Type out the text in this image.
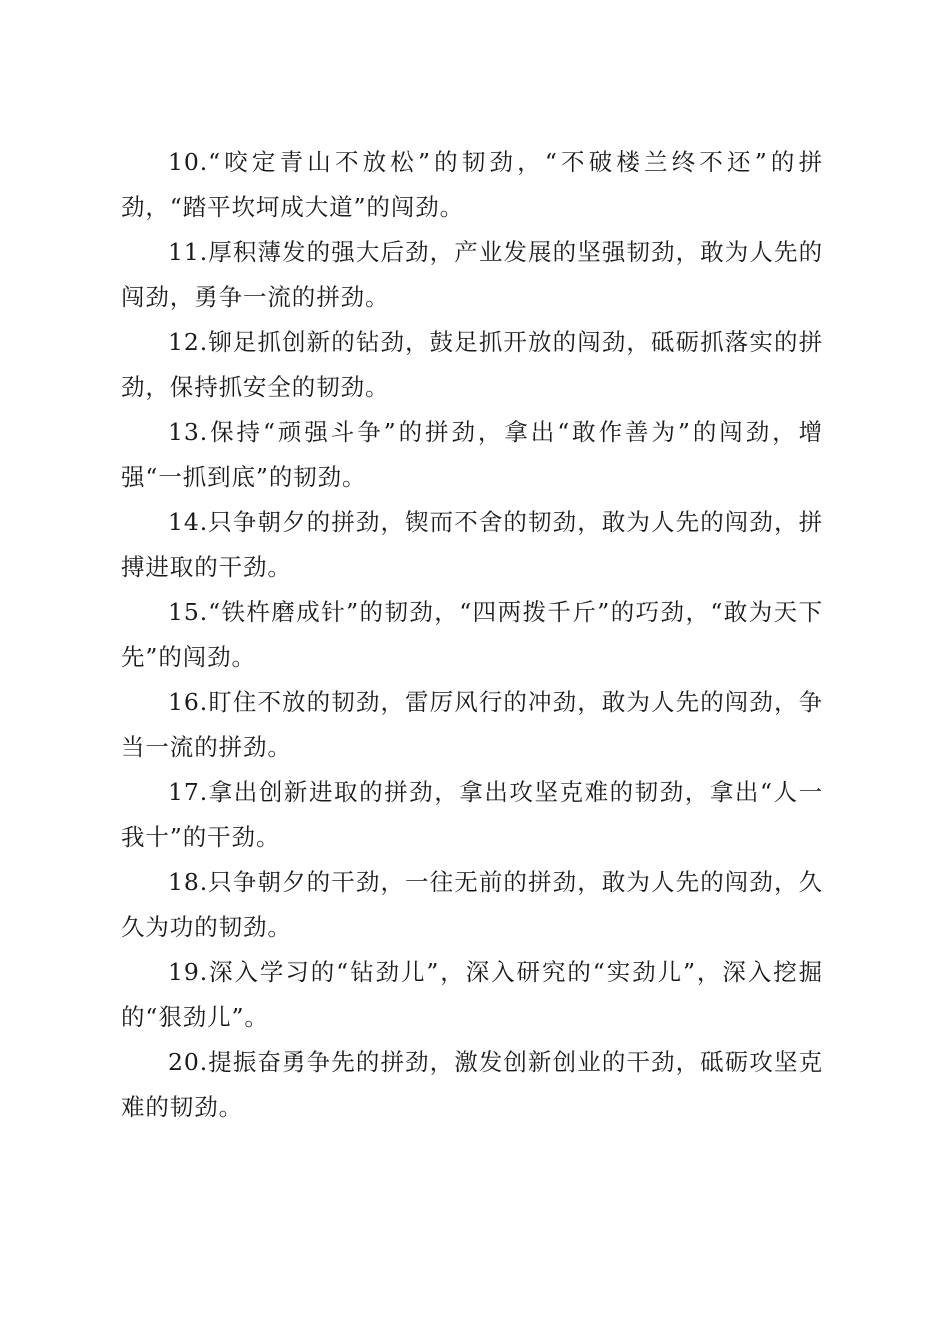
10.“咬定青山不放松”的韧劲，“不破楼兰终不还”的拼劲，“踏平坎坷成大道”的闯劲。

11.厚积薄发的强大后劲，产业发展的坚强韧劲，敢为人先的闯劲，勇争一流的拼劲。

12.铆足抓创新的钻劲，鼓足抓开放的闯劲，砥砺抓落实的拼劲，保持抓安全的韧劲。

13.保持“顽强斗争”的拼劲，拿出“敢作善为”的闯劲，增强“一抓到底”的韧劲。

14.只争朝夕的拼劲，锲而不舍的韧劲，敢为人先的闯劲，拼搏进取的干劲。

15.“铁杵磨成针”的韧劲，“四两拨千斤”的巧劲，“敢为天下先”的闯劲。

16.盯住不放的韧劲，雷厉风行的冲劲，敢为人先的闯劲，争当一流的拼劲。

17.拿出创新进取的拼劲，拿出攻坚克难的韧劲，拿出“人一我十”的干劲。

18.只争朝夕的干劲，一往无前的拼劲，敢为人先的闯劲，久久为功的韧劲。

19.深入学习的“钻劲儿”，深入研究的“实劲儿”，深入挖掘的“狠劲儿”。

20.提振奋勇争先的拼劲，激发创新创业的干劲，砥砺攻坚克难的韧劲。
